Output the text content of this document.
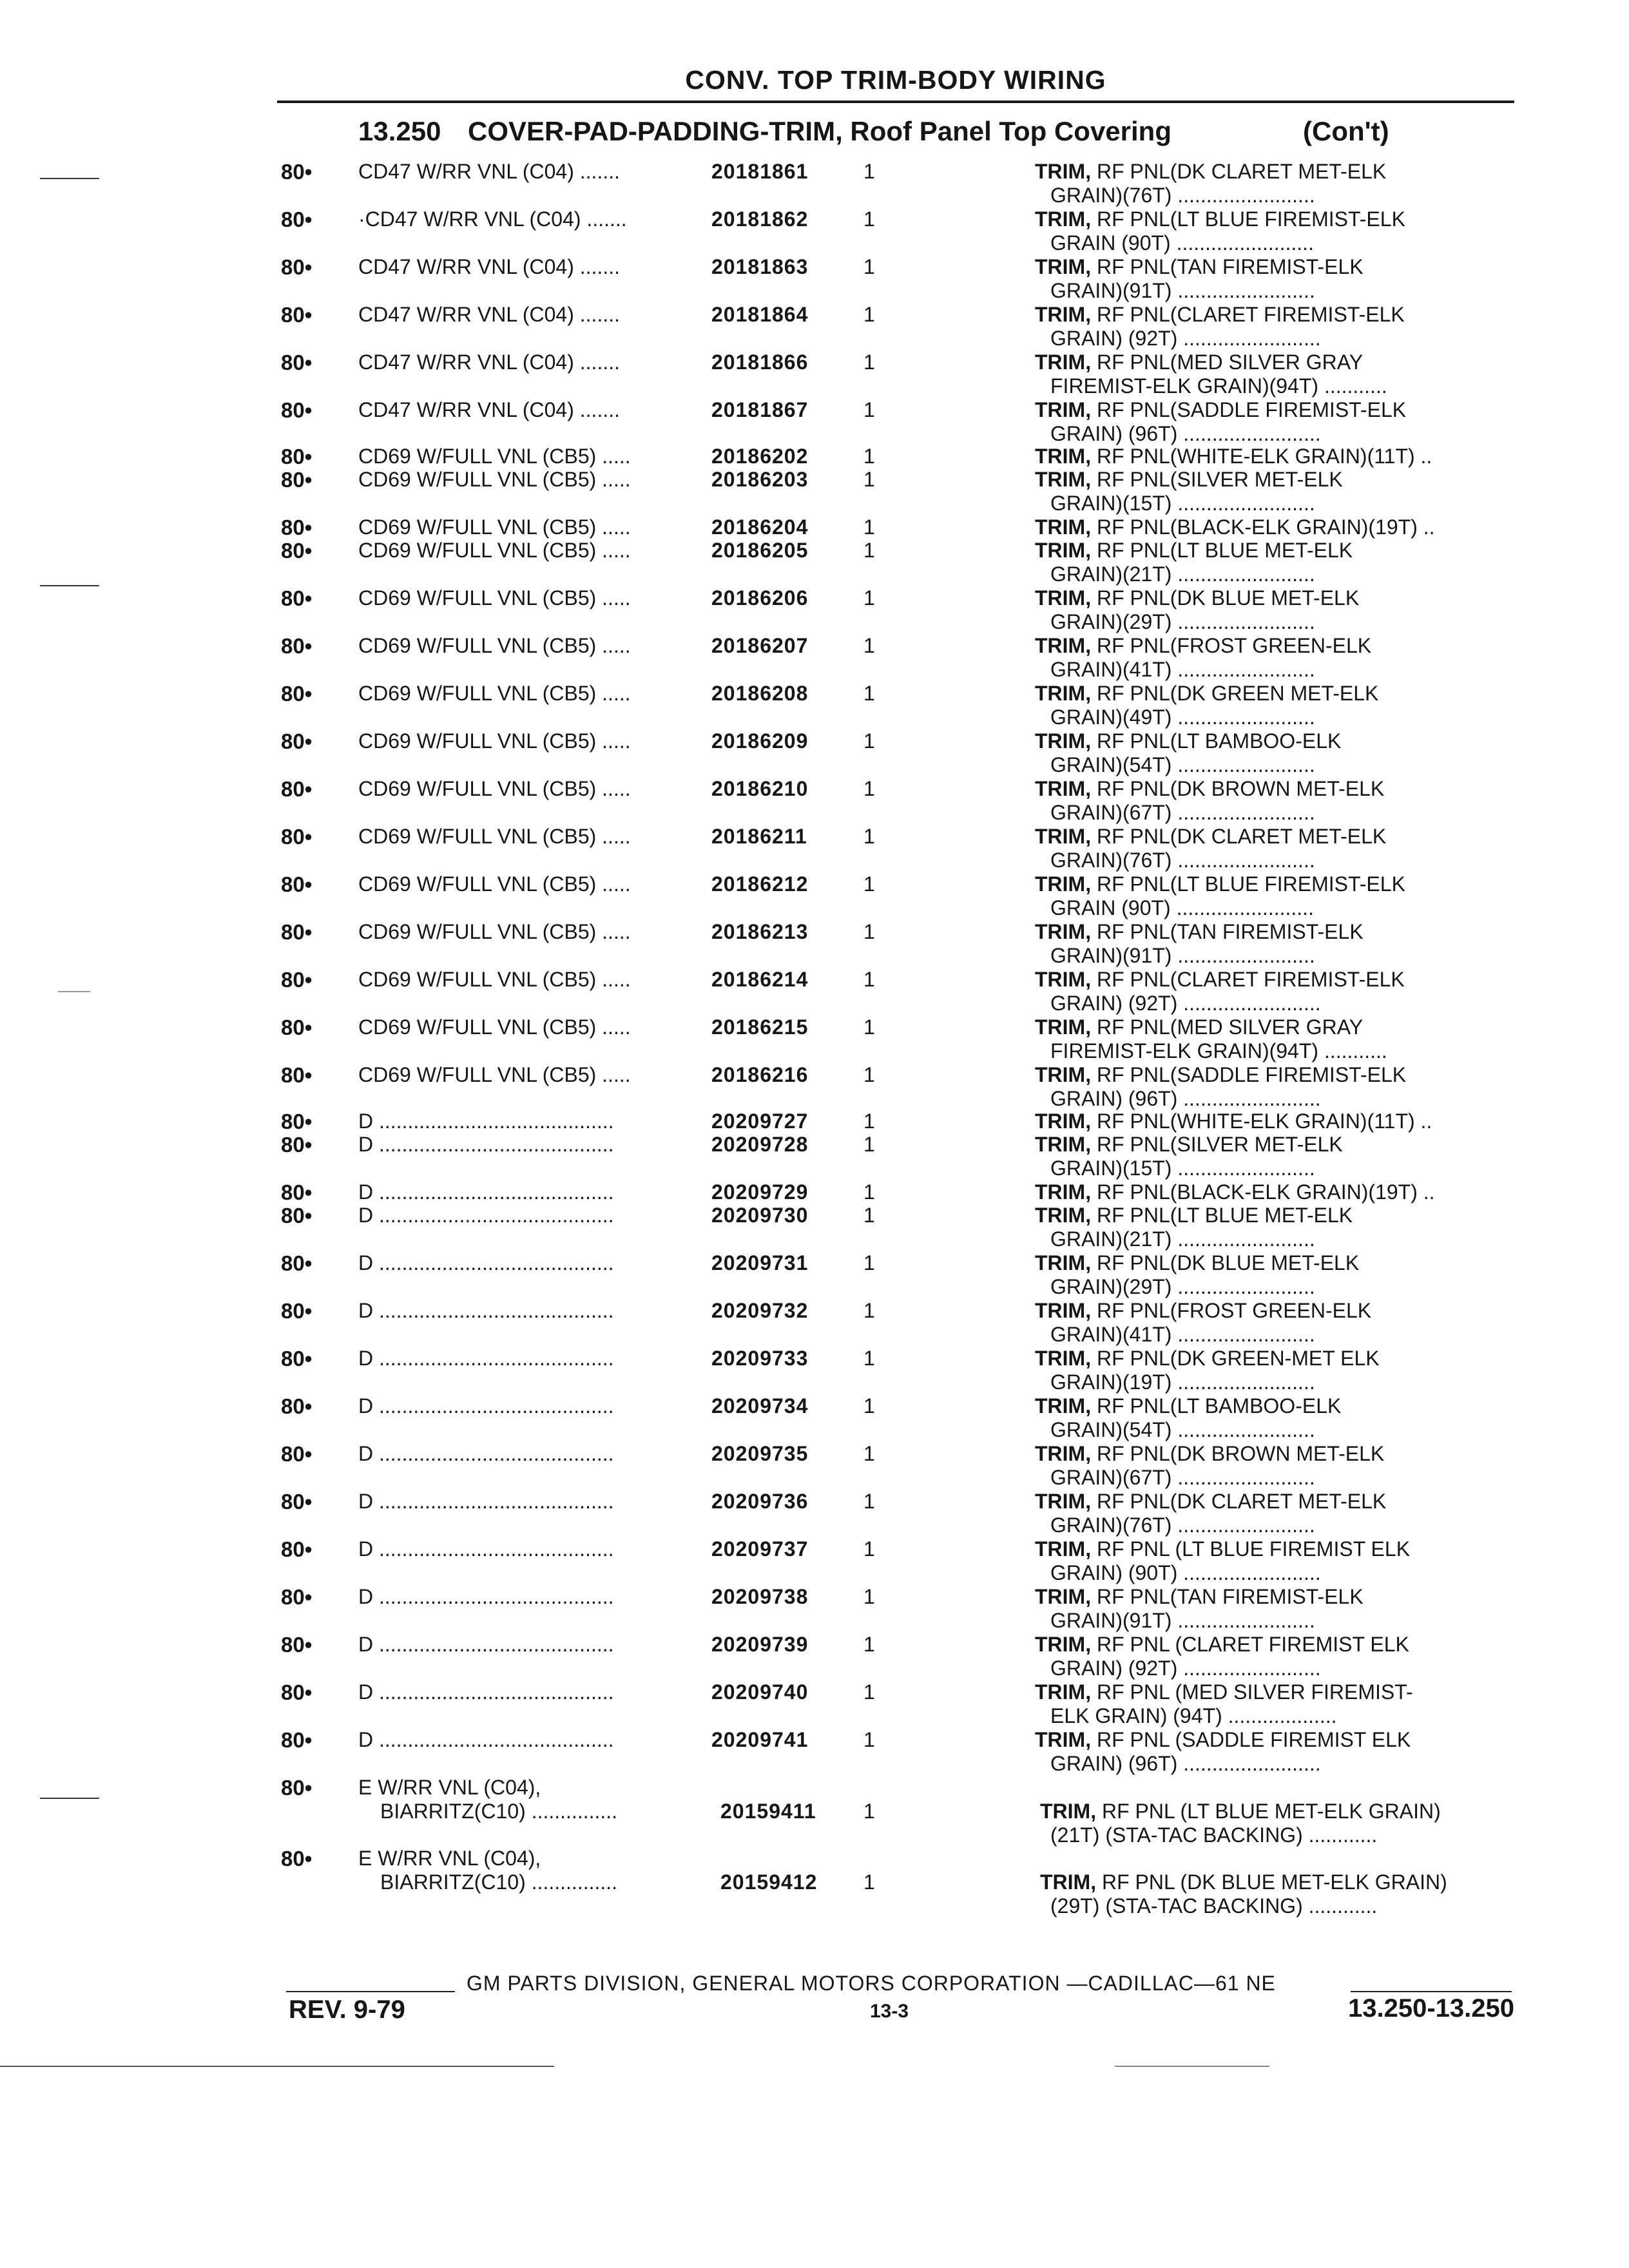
CONV. TOP TRIM-BODY WIRING
13.250 COVER-PAD-PADDING-TRIM, Roof Panel Top Covering	(Con't)
80•	CD47 W/RR VNL (C04) .......	20181861	1	TRIM, RF PNL(DK CLARET MET-ELK
GRAIN)(76T) ........................
80•	·CD47 W/RR VNL (C04) .......	20181862	1	TRIM, RF PNL(LT BLUE FIREMIST-ELK
GRAIN (90T) ........................
80•	CD47 W/RR VNL (C04) .......	20181863	1	TRIM, RF PNL(TAN FIREMIST-ELK
GRAIN)(91T) ........................
80•	CD47 W/RR VNL (C04) .......	20181864	1	TRIM, RF PNL(CLARET FIREMIST-ELK
GRAIN) (92T) ........................
80•	CD47 W/RR VNL (C04) .......	20181866	1	TRIM, RF PNL(MED SILVER GRAY
FIREMIST-ELK GRAIN)(94T) ...........
80•	CD47 W/RR VNL (C04) .......	20181867	1	TRIM, RF PNL(SADDLE FIREMIST-ELK
GRAIN) (96T) ........................
80•	CD69 W/FULL VNL (CB5) .....	20186202	1	TRIM, RF PNL(WHITE-ELK GRAIN)(11T) ..
80•	CD69 W/FULL VNL (CB5) .....	20186203	1	TRIM, RF PNL(SILVER MET-ELK
GRAIN)(15T) ........................
80•	CD69 W/FULL VNL (CB5) .....	20186204	1	TRIM, RF PNL(BLACK-ELK GRAIN)(19T) ..
80•	CD69 W/FULL VNL (CB5) .....	20186205	1	TRIM, RF PNL(LT BLUE MET-ELK
GRAIN)(21T) ........................
80•	CD69 W/FULL VNL (CB5) .....	20186206	1	TRIM, RF PNL(DK BLUE MET-ELK
GRAIN)(29T) ........................
80•	CD69 W/FULL VNL (CB5) .....	20186207	1	TRIM, RF PNL(FROST GREEN-ELK
GRAIN)(41T) ........................
80•	CD69 W/FULL VNL (CB5) .....	20186208	1	TRIM, RF PNL(DK GREEN MET-ELK
GRAIN)(49T) ........................
80•	CD69 W/FULL VNL (CB5) .....	20186209	1	TRIM, RF PNL(LT BAMBOO-ELK
GRAIN)(54T) ........................
80•	CD69 W/FULL VNL (CB5) .....	20186210	1	TRIM, RF PNL(DK BROWN MET-ELK
GRAIN)(67T) ........................
80•	CD69 W/FULL VNL (CB5) .....	20186211	1	TRIM, RF PNL(DK CLARET MET-ELK
GRAIN)(76T) ........................
80•	CD69 W/FULL VNL (CB5) .....	20186212	1	TRIM, RF PNL(LT BLUE FIREMIST-ELK
GRAIN (90T) ........................
80•	CD69 W/FULL VNL (CB5) .....	20186213	1	TRIM, RF PNL(TAN FIREMIST-ELK
GRAIN)(91T) ........................
80•	CD69 W/FULL VNL (CB5) .....	20186214	1	TRIM, RF PNL(CLARET FIREMIST-ELK
GRAIN) (92T) ........................
80•	CD69 W/FULL VNL (CB5) .....	20186215	1	TRIM, RF PNL(MED SILVER GRAY
FIREMIST-ELK GRAIN)(94T) ...........
80•	CD69 W/FULL VNL (CB5) .....	20186216	1	TRIM, RF PNL(SADDLE FIREMIST-ELK
GRAIN) (96T) ........................
80•	D .........................................	20209727	1	TRIM, RF PNL(WHITE-ELK GRAIN)(11T) ..
80•	D .........................................	20209728	1	TRIM, RF PNL(SILVER MET-ELK
GRAIN)(15T) ........................
80•	D .........................................	20209729	1	TRIM, RF PNL(BLACK-ELK GRAIN)(19T) ..
80•	D .........................................	20209730	1	TRIM, RF PNL(LT BLUE MET-ELK
GRAIN)(21T) ........................
80•	D .........................................	20209731	1	TRIM, RF PNL(DK BLUE MET-ELK
GRAIN)(29T) ........................
80•	D .........................................	20209732	1	TRIM, RF PNL(FROST GREEN-ELK
GRAIN)(41T) ........................
80•	D .........................................	20209733	1	TRIM, RF PNL(DK GREEN-MET ELK
GRAIN)(19T) ........................
80•	D .........................................	20209734	1	TRIM, RF PNL(LT BAMBOO-ELK
GRAIN)(54T) ........................
80•	D .........................................	20209735	1	TRIM, RF PNL(DK BROWN MET-ELK
GRAIN)(67T) ........................
80•	D .........................................	20209736	1	TRIM, RF PNL(DK CLARET MET-ELK
GRAIN)(76T) ........................
80•	D .........................................	20209737	1	TRIM, RF PNL (LT BLUE FIREMIST ELK
GRAIN) (90T) ........................
80•	D .........................................	20209738	1	TRIM, RF PNL(TAN FIREMIST-ELK
GRAIN)(91T) ........................
80•	D .........................................	20209739	1	TRIM, RF PNL (CLARET FIREMIST ELK
GRAIN) (92T) ........................
80•	D .........................................	20209740	1	TRIM, RF PNL (MED SILVER FIREMIST-
ELK GRAIN) (94T) ...................
80•	D .........................................	20209741	1	TRIM, RF PNL (SADDLE FIREMIST ELK
GRAIN) (96T) ........................
80•	E W/RR VNL (C04),
BIARRITZ(C10) ...............	20159411 1	TRIM, RF PNL (LT BLUE MET-ELK GRAIN)
(21T) (STA-TAC BACKING) ............
80•	E W/RR VNL (C04),
BIARRITZ(C10) ...............	20159412 1	TRIM, RF PNL (DK BLUE MET-ELK GRAIN)
(29T) (STA-TAC BACKING) ............
GM PARTS DIVISION, GENERAL MOTORS CORPORATION —CADILLAC—61 NE
REV. 9-79	13-3	13.250-13.250
